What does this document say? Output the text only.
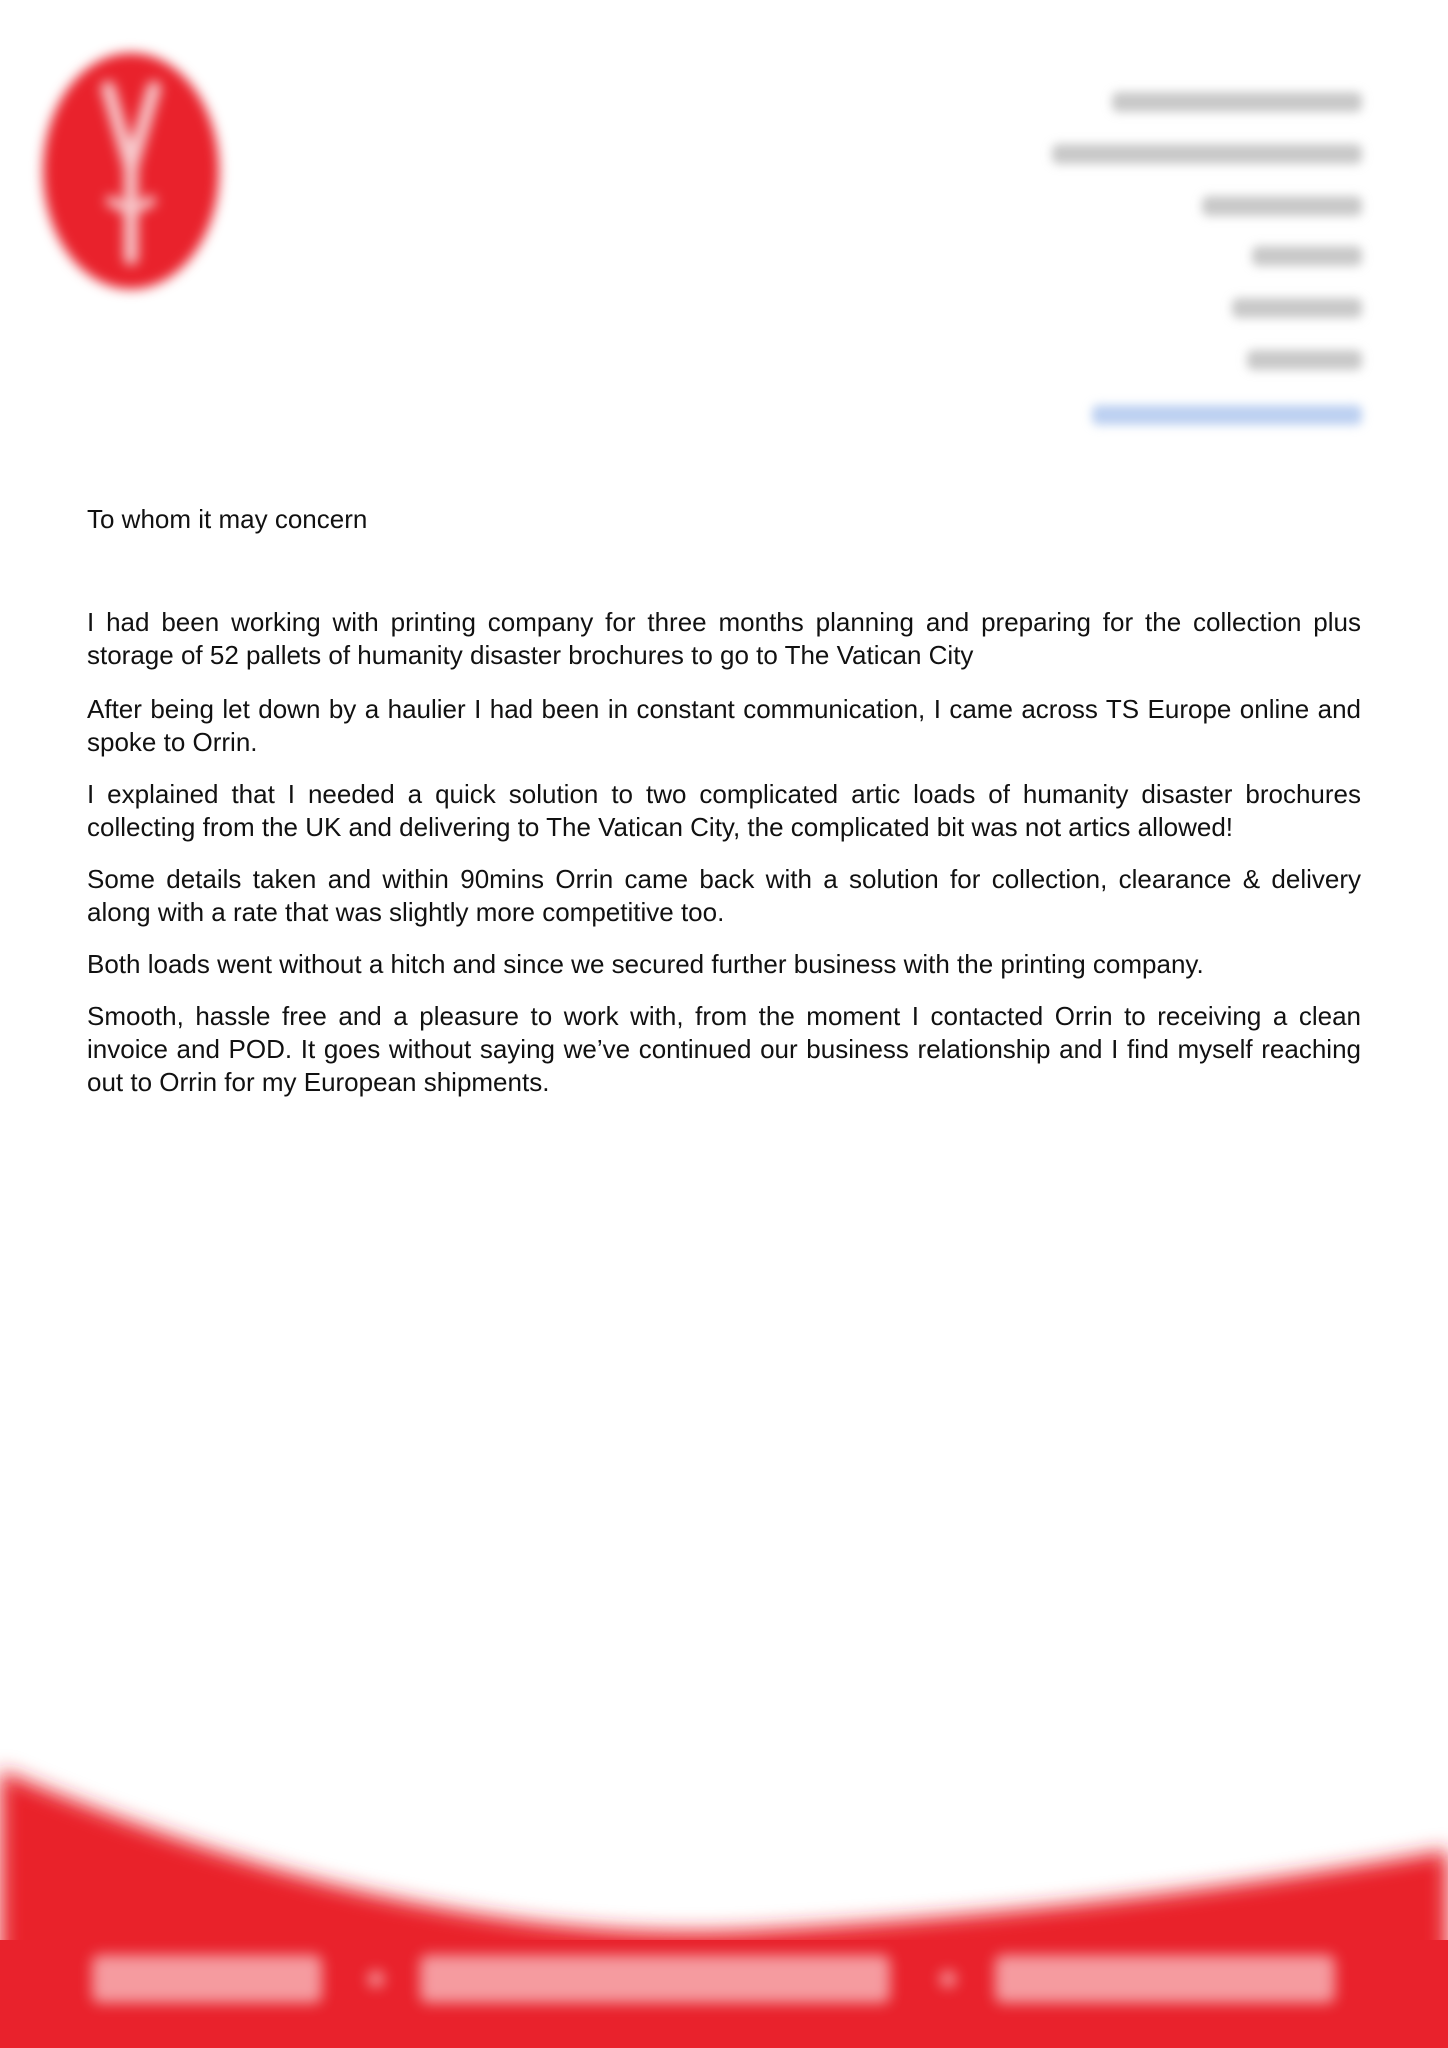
To whom it may concern

I had been working with printing company for three months planning and preparing for the collection plus storage of 52 pallets of humanity disaster brochures to go to The Vatican City

After being let down by a haulier I had been in constant communication, I came across TS Europe online and spoke to Orrin.

I explained that I needed a quick solution to two complicated artic loads of humanity disaster brochures collecting from the UK and delivering to The Vatican City, the complicated bit was not artics allowed!

Some details taken and within 90mins Orrin came back with a solution for collection, clearance & delivery along with a rate that was slightly more competitive too.

Both loads went without a hitch and since we secured further business with the printing company.

Smooth, hassle free and a pleasure to work with, from the moment I contacted Orrin to receiving a clean invoice and POD. It goes without saying we’ve continued our business relationship and I find myself reaching out to Orrin for my European shipments.
